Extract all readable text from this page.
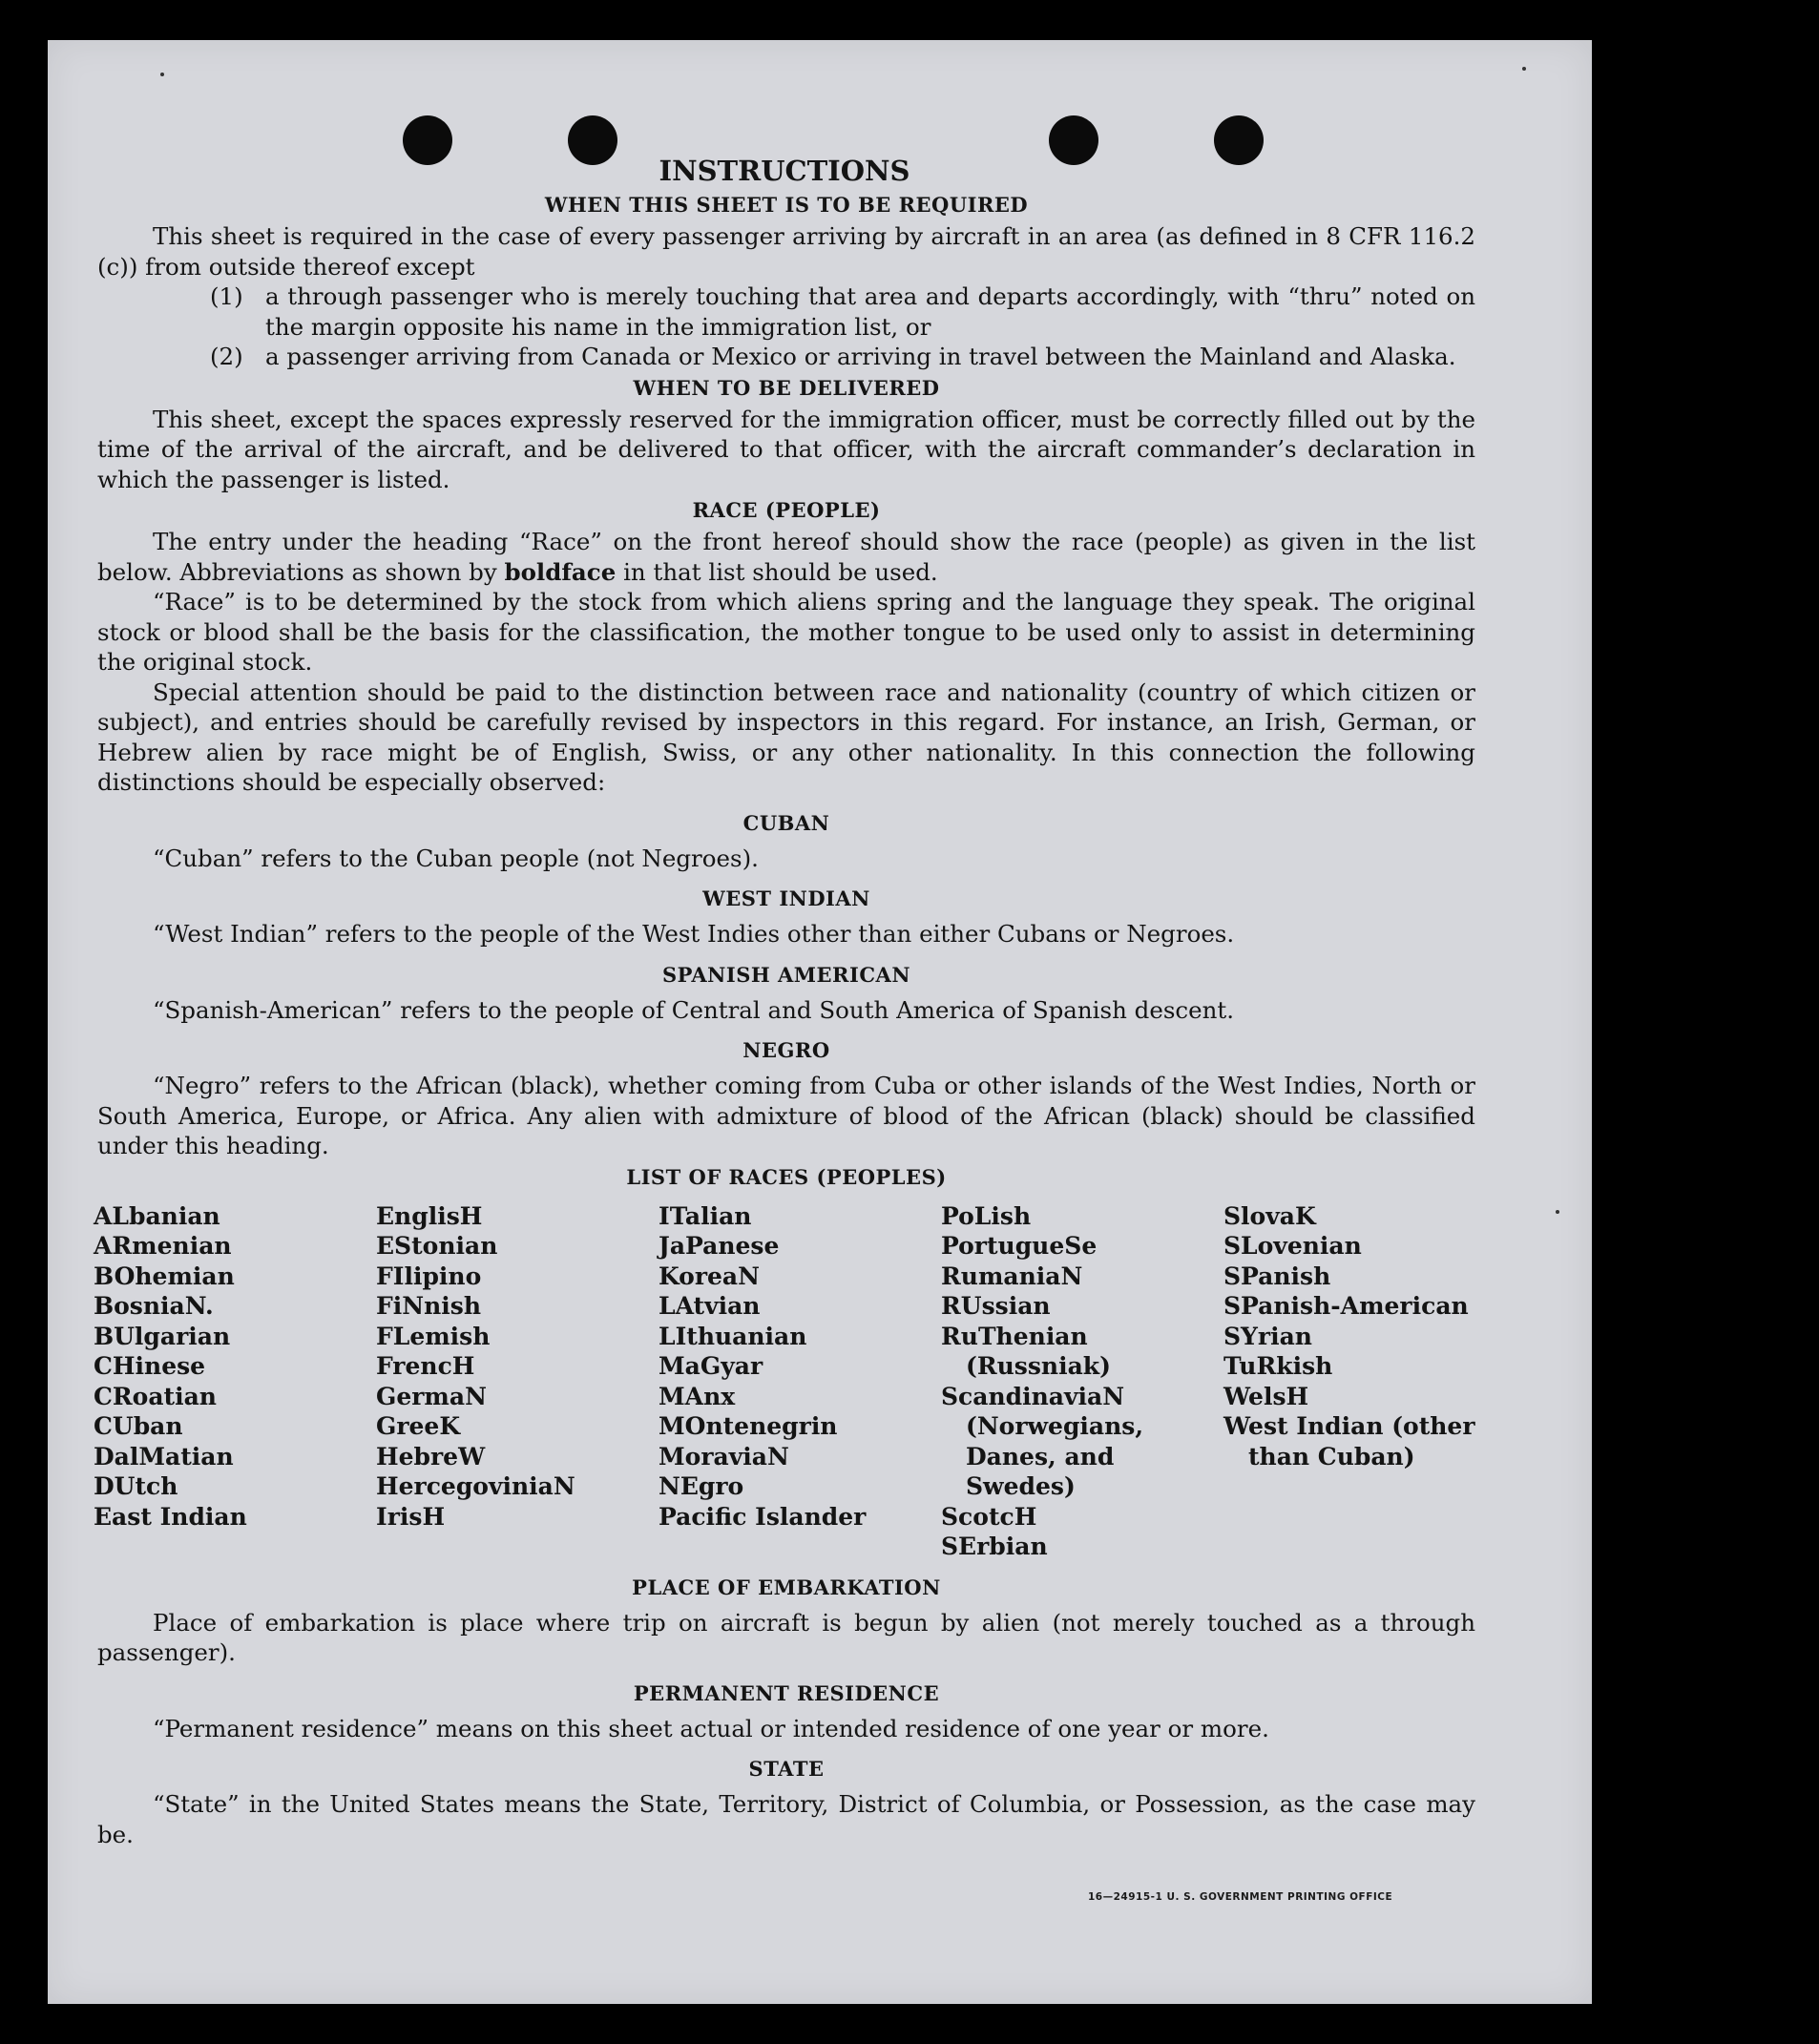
INSTRUCTIONS
WHEN THIS SHEET IS TO BE REQUIRED

This sheet is required in the case of every passenger arriving by aircraft in an area (as defined in 8 CFR 116.2 (c)) from outside thereof except

(1) a through passenger who is merely touching that area and departs accordingly, with “thru” noted on the margin opposite his name in the immigration list, or
(2) a passenger arriving from Canada or Mexico or arriving in travel between the Mainland and Alaska.
WHEN TO BE DELIVERED

This sheet, except the spaces expressly reserved for the immigration officer, must be correctly filled out by the time of the arrival of the aircraft, and be delivered to that officer, with the aircraft commander’s declaration in which the passenger is listed.

RACE (PEOPLE)

The entry under the heading “Race” on the front hereof should show the race (people) as given in the list below. Abbreviations as shown by boldface in that list should be used.

“Race” is to be determined by the stock from which aliens spring and the language they speak. The original stock or blood shall be the basis for the classification, the mother tongue to be used only to assist in determining the original stock.

Special attention should be paid to the distinction between race and nationality (country of which citizen or subject), and entries should be carefully revised by inspectors in this regard. For instance, an Irish, German, or Hebrew alien by race might be of English, Swiss, or any other nationality. In this connection the following distinctions should be especially observed:

CUBAN

“Cuban” refers to the Cuban people (not Negroes).

WEST INDIAN

“West Indian” refers to the people of the West Indies other than either Cubans or Negroes.

SPANISH AMERICAN

“Spanish-American” refers to the people of Central and South America of Spanish descent.

NEGRO

“Negro” refers to the African (black), whether coming from Cuba or other islands of the West Indies, North or South America, Europe, or Africa. Any alien with admixture of blood of the African (black) should be classified under this heading.

LIST OF RACES (PEOPLES)
ALbanian
ARmenian
BOhemian
BosniaN.
BUlgarian
CHinese
CRoatian
CUban
DalMatian
DUtch
East Indian
EnglisH
EStonian
FIlipino
FiNnish
FLemish
FrencH
GermaN
GreeK
HebreW
HercegoviniaN
IrisH
ITalian
JaPanese
KoreaN
LAtvian
LIthuanian
MaGyar
MAnx
MOntenegrin
MoraviaN
NEgro
Pacific Islander
PoLish
PortugueSe
RumaniaN
RUssian
RuThenian (Russniak)
ScandinaviaN (Norwegians, Danes, and Swedes)
ScotcH
SErbian
SlovaK
SLovenian
SPanish
SPanish-American
SYrian
TuRkish
WelsH
West Indian (other than Cuban)
PLACE OF EMBARKATION

Place of embarkation is place where trip on aircraft is begun by alien (not merely touched as a through passenger).

PERMANENT RESIDENCE

“Permanent residence” means on this sheet actual or intended residence of one year or more.

STATE

“State” in the United States means the State, Territory, District of Columbia, or Possession, as the case may be.

16—24915-1 U. S. GOVERNMENT PRINTING OFFICE
